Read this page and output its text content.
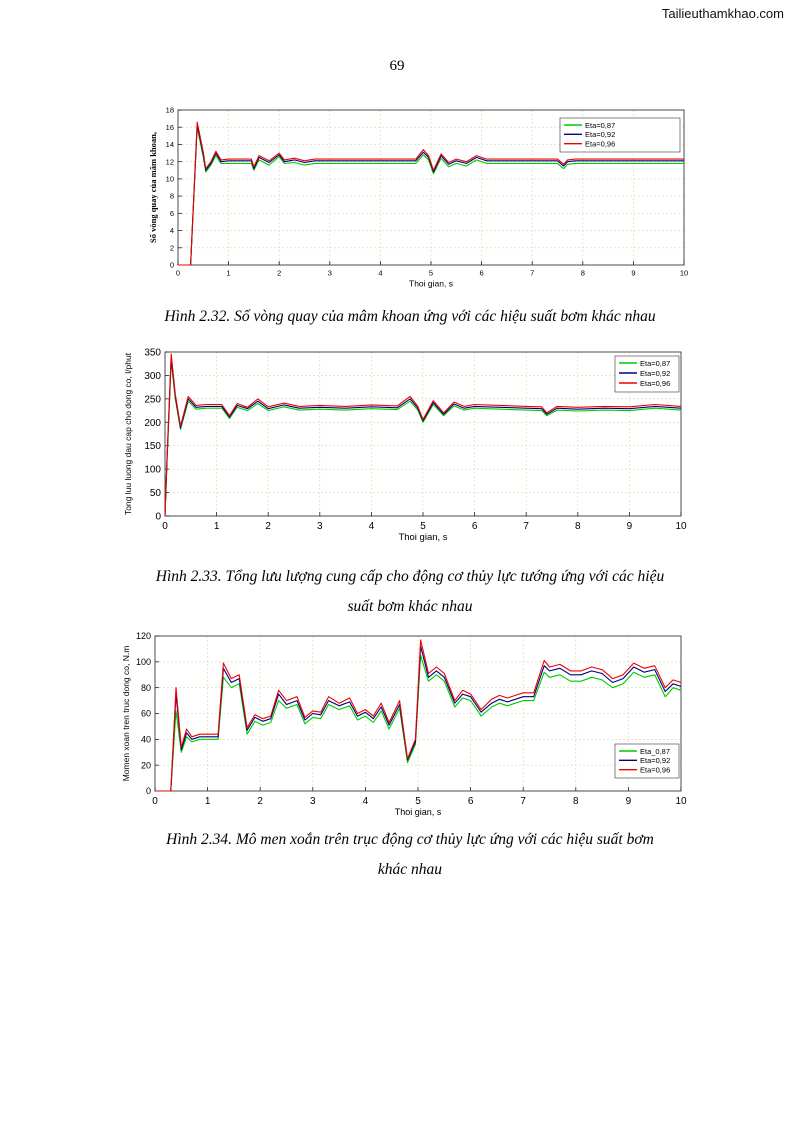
Tailieuthamkhao.com
69
0	1	2	3	4	5	6	7	8	9	10
0
2
4
6
8
10
12
14
16
18
Thoi gian, s
Số vòng quay của mâm khoan,
Eta=0,87
Eta=0,92
Eta=0,96
Hình 2.32. Số vòng quay của mâm khoan ứng với các hiệu suất bơm khác nhau
0	1	2	3	4	5	6	7	8	9	10
0
50
100
150
200
250
300
350
Thoi gian, s
Tong luu luong dau cap cho dong co, l/phut	Eta=0,87
Eta=0,92
Eta=0,96
Hình 2.33. Tổng lưu lượng cung cấp cho động cơ thủy lực tướng ứng với các hiệu
suất bơm khác nhau
0	1	2	3	4	5	6	7	8	9	10
0
20
40
60
80
100
120
Thoi gian, s
Momen xoan tren truc dong co, N.m	Eta_0,87
Eta=0,92
Eta=0,96
Hình 2.34. Mô men xoắn trên trục động cơ thủy lực ứng với các hiệu suất bơm
khác nhau
